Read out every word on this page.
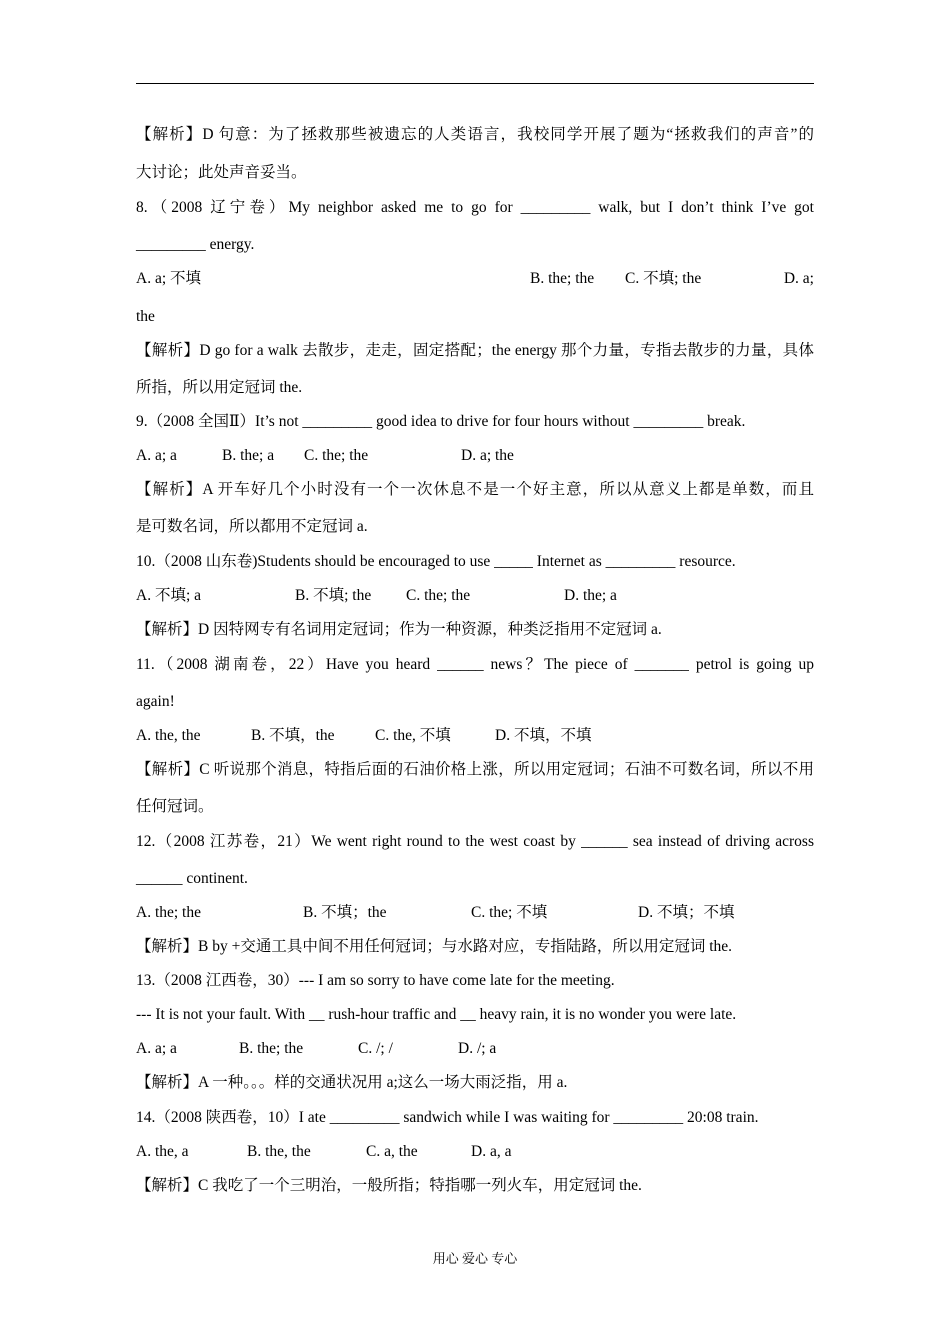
【解析】D 句意：为了拯救那些被遗忘的人类语言，我校同学开展了题为“拯救我们的声音”的
大讨论；此处声音妥当。
8.（2008 辽宁卷）My neighbor asked me to go for _________ walk, but I don’t think I’ve got
_________ energy.
A. a; 不填	B. the; the C. 不填; the	D. a;
the
【解析】D go for a walk 去散步，走走，固定搭配；the energy 那个力量，专指去散步的力量，具体
所指，所以用定冠词 the.
9.（2008 全国Ⅱ）It’s not _________ good idea to drive for four hours without _________ break.
A. a; a	B. the; a C. the; the	D. a; the
【解析】A 开车好几个小时没有一个一次休息不是一个好主意，所以从意义上都是单数，而且
是可数名词，所以都用不定冠词 a.
10.（2008 山东卷)Students should be encouraged to use _____ Internet as _________ resource.
A. 不填; a	B. 不填; the C. the; the	D. the; a
【解析】D 因特网专有名词用定冠词；作为一种资源，种类泛指用不定冠词 a.
11.（2008 湖南卷，22）Have you heard ______ news？The piece of _______ petrol is going up
again!
A. the, the	B. 不填，the	C. the, 不填	D. 不填，不填
【解析】C 听说那个消息，特指后面的石油价格上涨，所以用定冠词；石油不可数名词，所以不用
任何冠词。
12.（2008 江苏卷，21）We went right round to the west coast by ______ sea instead of driving across
______ continent.
A. the; the	B. 不填；the	C. the; 不填	D. 不填；不填
【解析】B by +交通工具中间不用任何冠词；与水路对应，专指陆路，所以用定冠词 the.
13.（2008 江西卷，30）--- I am so sorry to have come late for the meeting.
--- It is not your fault. With __ rush-hour traffic and __ heavy rain, it is no wonder you were late.
A. a; a	B. the; the	C. /; /	D. /; a
【解析】A 一种。。。样的交通状况用 a;这么一场大雨泛指，用 a.
14.（2008 陕西卷，10）I ate _________ sandwich while I was waiting for _________ 20:08 train.
A. the, a	B. the, the	C. a, the	D. a, a
【解析】C 我吃了一个三明治，一般所指；特指哪一列火车，用定冠词 the.
用心 爱心 专心
